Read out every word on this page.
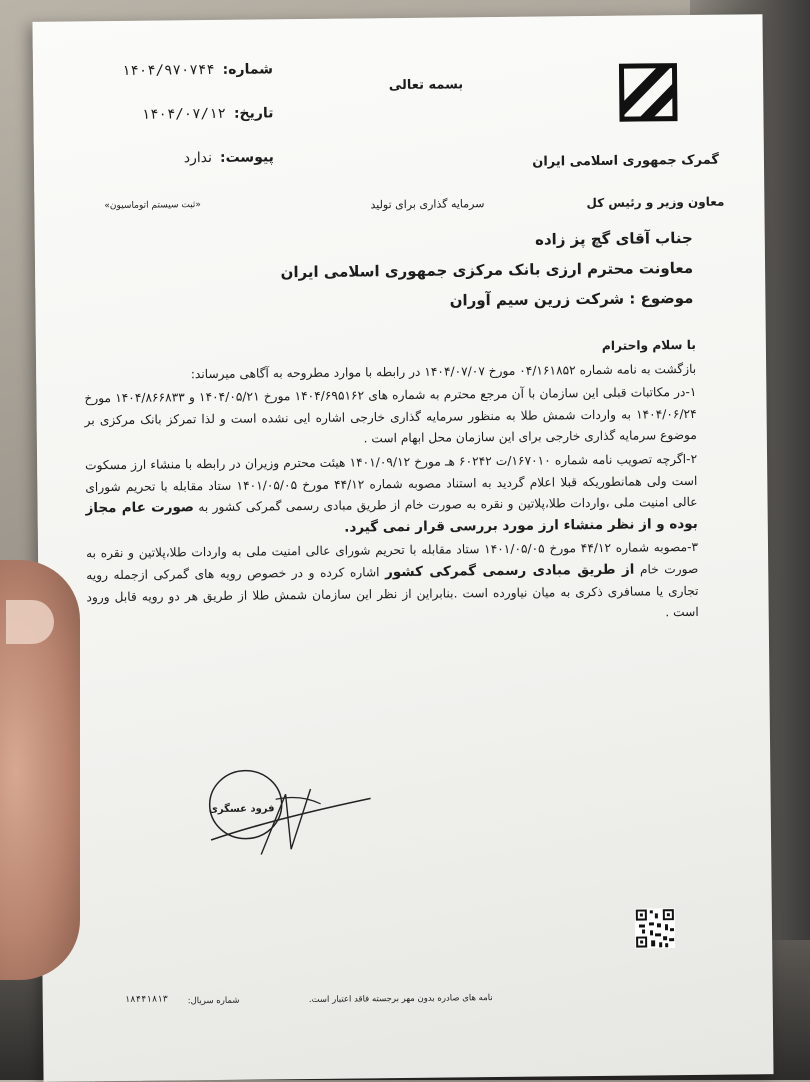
گمرک جمهوری اسلامی ایران
بسمه تعالی
شماره:
۱۴۰۴/۹۷۰۷۴۴
تاریخ:
۱۴۰۴/۰۷/۱۲
پیوست:
ندارد
معاون وزیر و رئیس کل
سرمایه گذاری برای تولید
«ثبت سیستم اتوماسیون»
جناب آقای گچ پز زاده
معاونت محترم ارزی بانک مرکزی جمهوری اسلامی ایران
موضوع : شرکت زرین سیم آوران

با سلام واحترام

بازگشت به نامه شماره ۰۴/۱۶۱۸۵۲ مورخ ۱۴۰۴/۰۷/۰۷ در رابطه با موارد مطروحه به آگاهی میرساند:

۱-در مکاتبات قبلی این سازمان با آن مرجع محترم به شماره های ۱۴۰۴/۶۹۵۱۶۲ مورخ ۱۴۰۴/۰۵/۲۱ و ۱۴۰۴/۸۶۶۸۳۳ مورخ ۱۴۰۴/۰۶/۲۴ به واردات شمش طلا به منظور سرمایه گذاری خارجی اشاره ایی نشده است و لذا تمرکز بانک مرکزی بر موضوع سرمایه گذاری خارجی برای این سازمان محل ابهام است .

۲-اگرچه تصویب نامه شماره ۱۶۷۰۱۰/ت ۶۰۲۴۲ هـ مورخ ۱۴۰۱/۰۹/۱۲ هیئت محترم وزیران در رابطه با منشاء ارز مسکوت است ولی همانطوریکه قبلا اعلام گردید به استناد مصوبه شماره ۴۴/۱۲ مورخ ۱۴۰۱/۰۵/۰۵ ستاد مقابله با تحریم شورای عالی امنیت ملی ،واردات طلا،پلاتین و نقره به صورت خام از طریق مبادی رسمی گمرکی کشور به صورت عام مجاز بوده و از نظر منشاء ارز مورد بررسی قرار نمی گیرد.

۳-مصوبه شماره ۴۴/۱۲ مورخ ۱۴۰۱/۰۵/۰۵ ستاد مقابله با تحریم شورای عالی امنیت ملی به واردات طلا،پلاتین و نقره به صورت خام از طریق مبادی رسمی گمرکی کشور اشاره کرده و در خصوص رویه های گمرکی ازجمله رویه تجاری یا مسافری ذکری به میان نیاورده است .بنابراین از نظر این سازمان شمش طلا از طریق هر دو رویه قابل ورود است .

فرود عسگری
نامه های صادره بدون مهر برجسته فاقد اعتبار است.
شماره سریال:
۱۸۴۴۱۸۱۳
